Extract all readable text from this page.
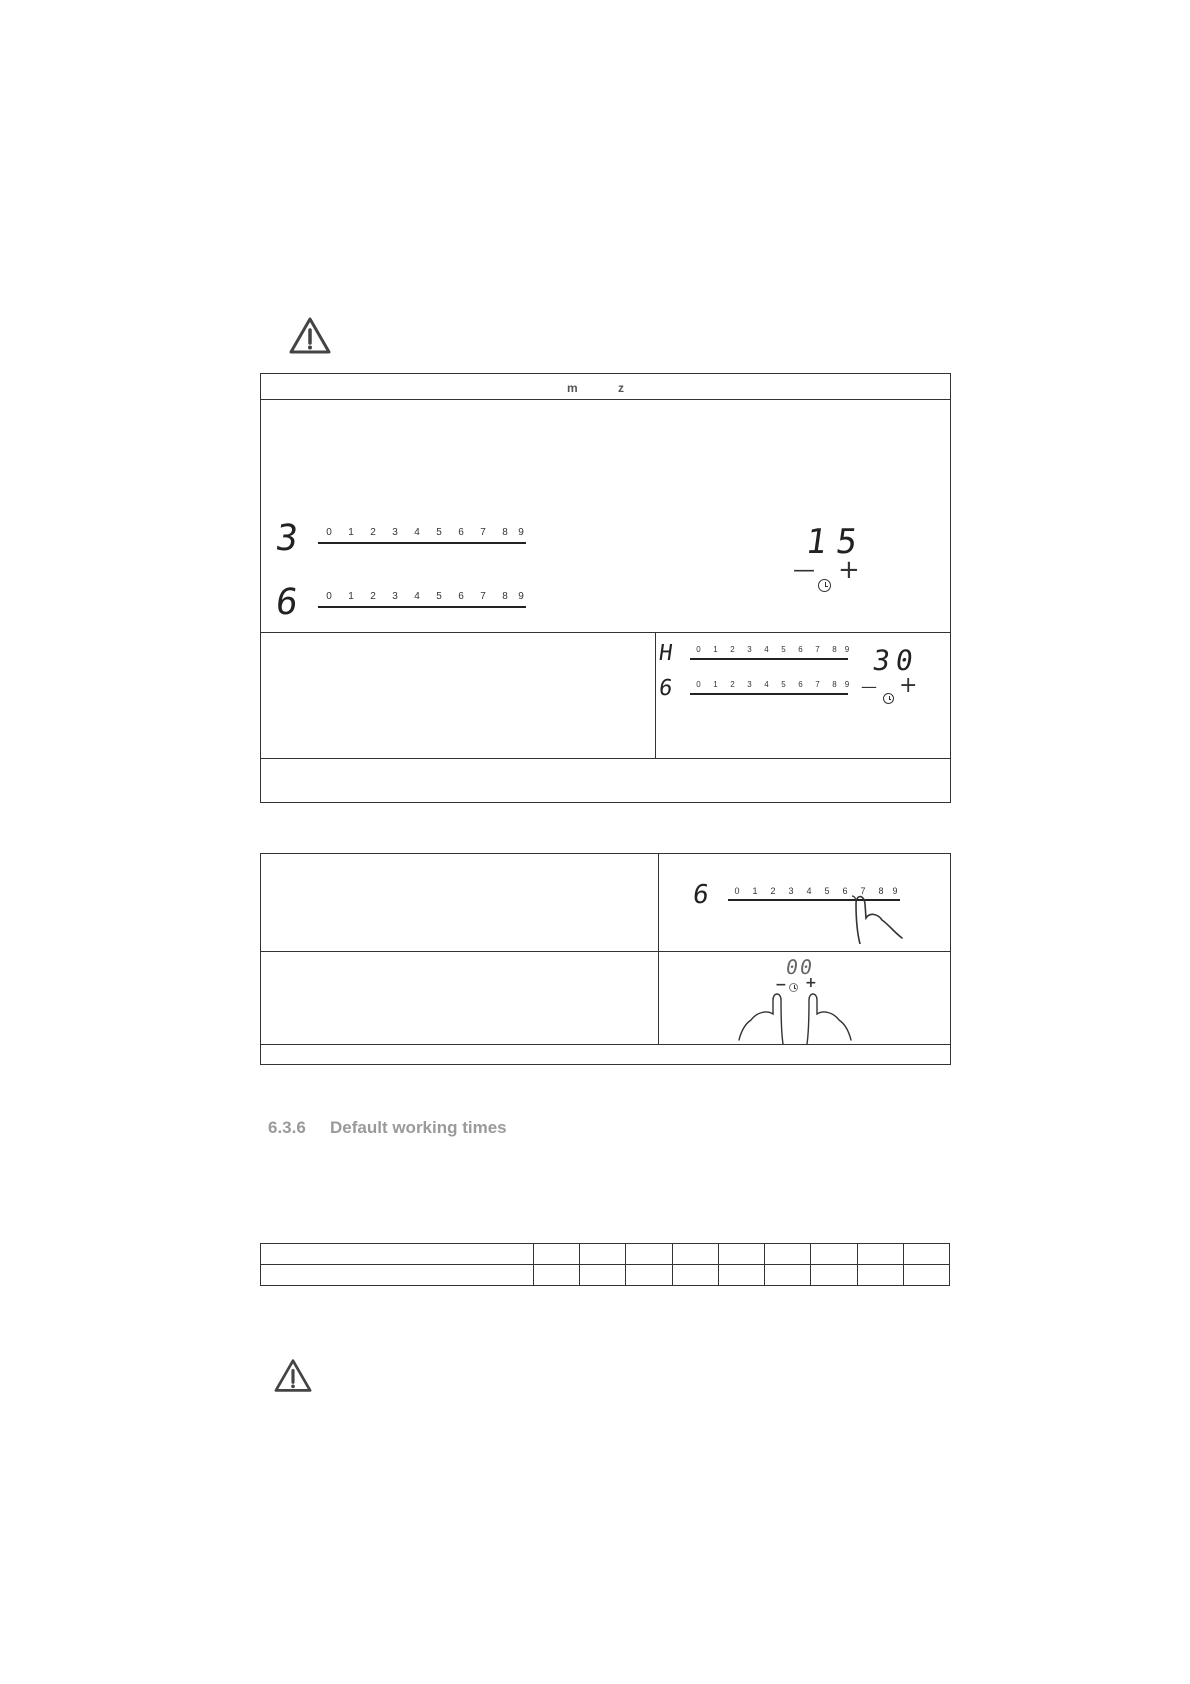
m	z
3	0 1 2 3 4 5 6 7 8 9
6	0 1 2 3 4 5 6 7 8 9
15
— +
H	0 1 2 3 4 5 6 7 8 9
6	0 1 2 3 4 5 6 7 8 9
30
— +
6	0 1 2 3 4 5 6 7 8 9
00
− +
6.3.6 Default working times
